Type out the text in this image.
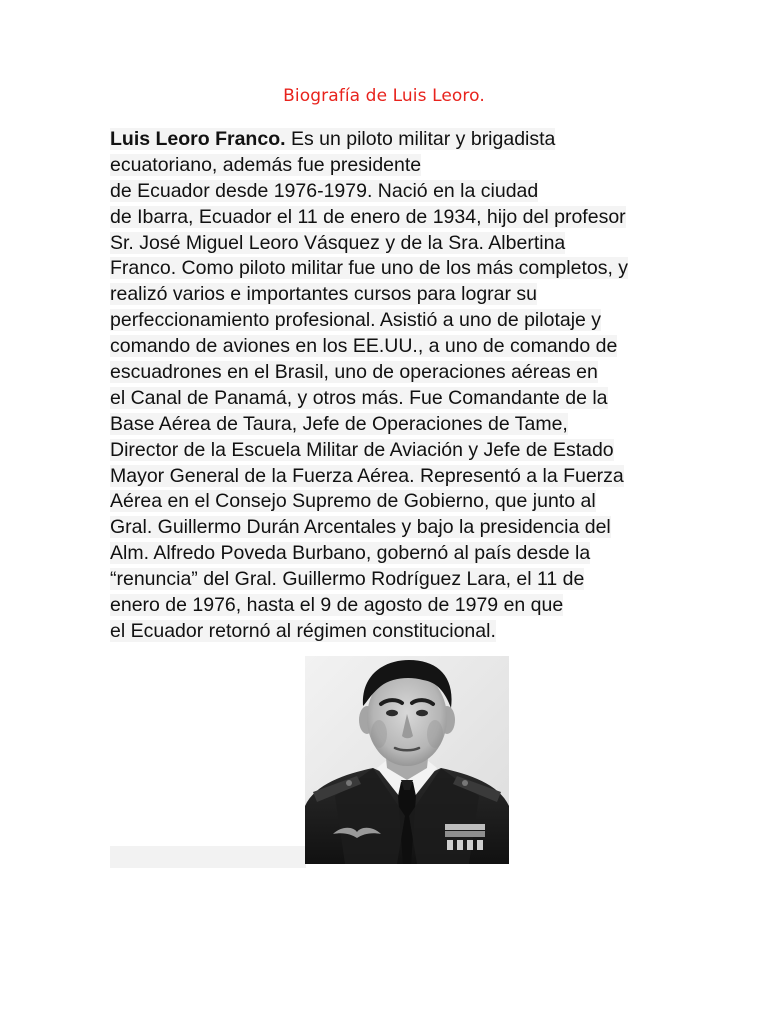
Biografía de Luis Leoro.
Luis Leoro Franco. Es un piloto militar y brigadista
ecuatoriano, además fue presidente
de Ecuador desde 1976-1979. Nació en la ciudad
de Ibarra, Ecuador el 11 de enero de 1934, hijo del profesor
Sr. José Miguel Leoro Vásquez y de la Sra. Albertina
Franco. Como piloto militar fue uno de los más completos, y
realizó varios e importantes cursos para lograr su
perfeccionamiento profesional. Asistió a uno de pilotaje y
comando de aviones en los EE.UU., a uno de comando de
escuadrones en el Brasil, uno de operaciones aéreas en
el Canal de Panamá, y otros más. Fue Comandante de la
Base Aérea de Taura, Jefe de Operaciones de Tame,
Director de la Escuela Militar de Aviación y Jefe de Estado
Mayor General de la Fuerza Aérea. Representó a la Fuerza
Aérea en el Consejo Supremo de Gobierno, que junto al
Gral. Guillermo Durán Arcentales y bajo la presidencia del
Alm. Alfredo Poveda Burbano, gobernó al país desde la
“renuncia” del Gral. Guillermo Rodríguez Lara, el 11 de
enero de 1976, hasta el 9 de agosto de 1979 en que
el Ecuador retornó al régimen constitucional.
